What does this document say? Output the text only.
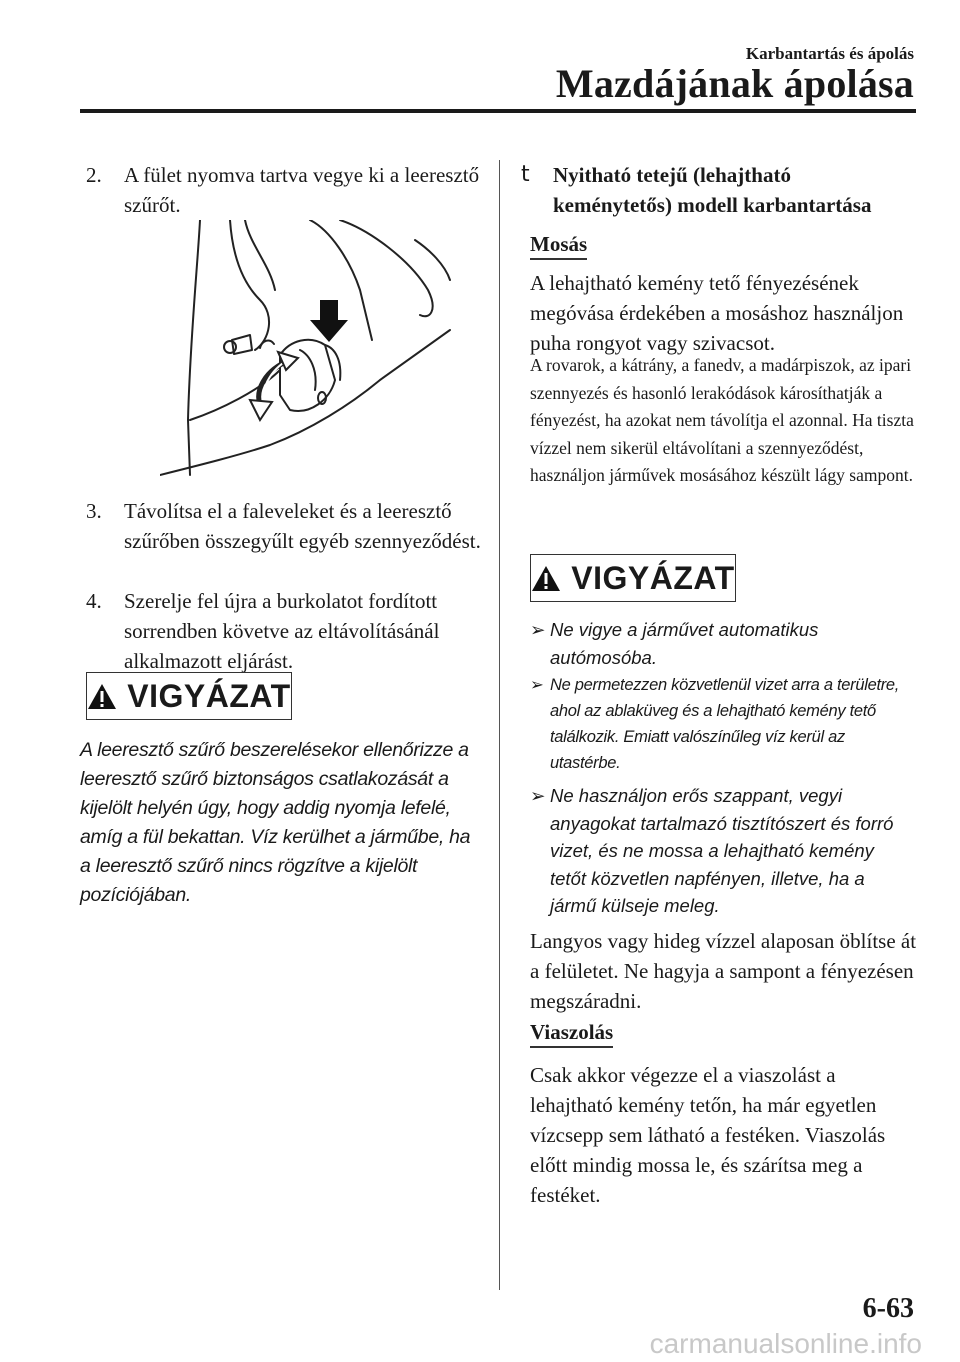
Karbantartás és ápolás
Mazdájának ápolása
2. A fület nyomva tartva vegye ki a leeresztő szűrőt.
3. Távolítsa el a faleveleket és a leeresztő szűrőben összegyűlt egyéb szennyeződést.
4. Szerelje fel újra a burkolatot fordított sorrendben követve az eltávolításánál alkalmazott eljárást.
VIGYÁZAT
A leeresztő szűrő beszerelésekor ellenőrizze a leeresztő szűrő biztonságos csatlakozását a kijelölt helyén úgy, hogy addig nyomja lefelé, amíg a fül bekattan. Víz kerülhet a járműbe, ha a leeresztő szűrő nincs rögzítve a kijelölt pozíciójában.
t Nyitható tetejű (lehajtható keménytetős) modell karbantartása
Mosás
A lehajtható kemény tető fényezésének megóvása érdekében a mosáshoz használjon puha rongyot vagy szivacsot.
A rovarok, a kátrány, a fanedv, a madárpiszok, az ipari szennyezés és hasonló lerakódások károsíthatják a fényezést, ha azokat nem távolítja el azonnal. Ha tiszta vízzel nem sikerül eltávolítani a szennyeződést, használjon járművek mosásához készült lágy sampont.
VIGYÁZAT
➢ Ne vigye a járművet automatikus autómosóba.
➢ Ne permetezzen közvetlenül vizet arra a területre, ahol az ablaküveg és a lehajtható kemény tető találkozik. Emiatt valószínűleg víz kerül az utastérbe.
➢ Ne használjon erős szappant, vegyi anyagokat tartalmazó tisztítószert és forró vizet, és ne mossa a lehajtható kemény tetőt közvetlen napfényen, illetve, ha a jármű külseje meleg.
Langyos vagy hideg vízzel alaposan öblítse át a felületet. Ne hagyja a sampont a fényezésen megszáradni.
Viaszolás
Csak akkor végezze el a viaszolást a lehajtható kemény tetőn, ha már egyetlen vízcsepp sem látható a festéken. Viaszolás előtt mindig mossa le, és szárítsa meg a festéket.
6-63
carmanualsonline.info
